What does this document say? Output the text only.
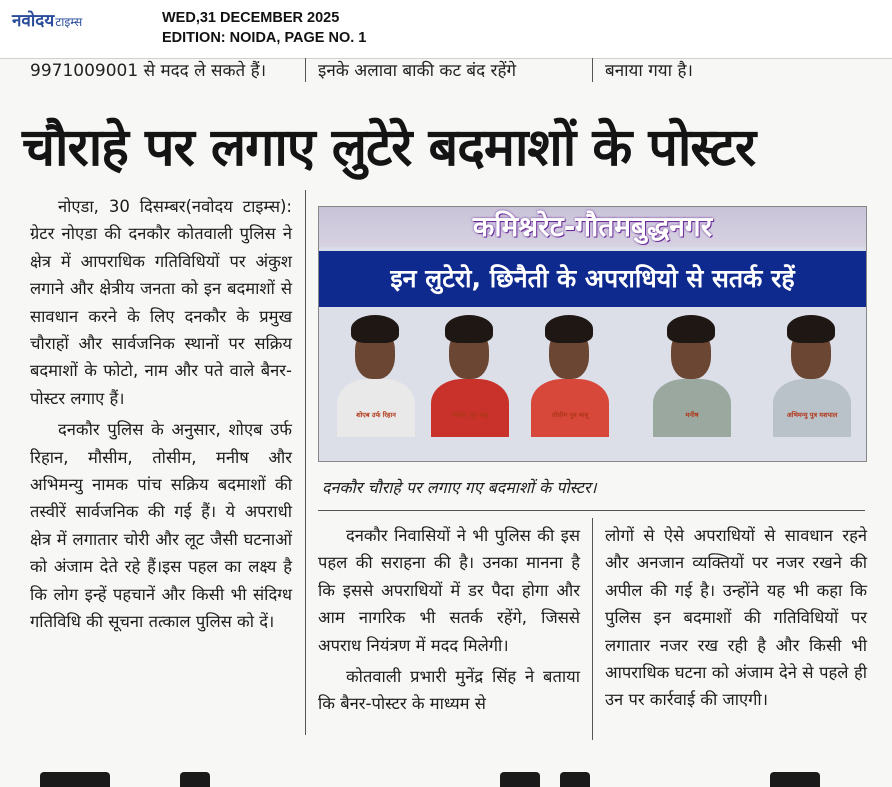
नवोदयटाइम्स	WED,31 DECEMBER 2025
EDITION: NOIDA, PAGE NO. 1
9971009001 से मदद ले सकते हैं।	इनके अलावा बाकी कट बंद रहेंगे	बनाया गया है।
चौराहे पर लगाए लुटेरे बदमाशों के पोस्टर

नोएडा, 30 दिसम्बर(नवोदय टाइम्स): ग्रेटर नोएडा की दनकौर कोतवाली पुलिस ने क्षेत्र में आपराधिक गतिविधियों पर अंकुश लगाने और क्षेत्रीय जनता को इन बदमाशों से सावधान करने के लिए दनकौर के प्रमुख चौराहों और सार्वजनिक स्थानों पर सक्रिय बदमाशों के फोटो, नाम और पते वाले बैनर-पोस्टर लगाए हैं।

दनकौर पुलिस के अनुसार, शोएब उर्फ रिहान, मौसीम, तोसीम, मनीष और अभिमन्यु नामक पांच सक्रिय बदमाशों की तस्वीरें सार्वजनिक की गई हैं। ये अपराधी क्षेत्र में लगातार चोरी और लूट जैसी घटनाओं को अंजाम देते रहे हैं।इस पहल का लक्ष्य है कि लोग इन्हें पहचानें और किसी भी संदिग्ध गतिविधि की सूचना तत्काल पुलिस को दें।

कमिश्नरेट-गौतमबुद्धनगर
इन लुटेरो, छिनैती के अपराधियो से सतर्क रहें
शोएब उर्फ रिहान	मौसीम पुत्र बाबू	तोसीम पुत्र बाबू	मनीष	अभिमन्यु पुत्र यशपाल
दनकौर चौराहे पर लगाए गए बदमाशों के पोस्टर।

दनकौर निवासियों ने भी पुलिस की इस पहल की सराहना की है। उनका मानना है कि इससे अपराधियों में डर पैदा होगा और आम नागरिक भी सतर्क रहेंगे, जिससे अपराध नियंत्रण में मदद मिलेगी।

कोतवाली प्रभारी मुनेंद्र सिंह ने बताया कि बैनर-पोस्टर के माध्यम से

लोगों से ऐसे अपराधियों से सावधान रहने और अनजान व्यक्तियों पर नजर रखने की अपील की गई है। उन्होंने यह भी कहा कि पुलिस इन बदमाशों की गतिविधियों पर लगातार नजर रख रही है और किसी भी आपराधिक घटना को अंजाम देने से पहले ही उन पर कार्रवाई की जाएगी।
